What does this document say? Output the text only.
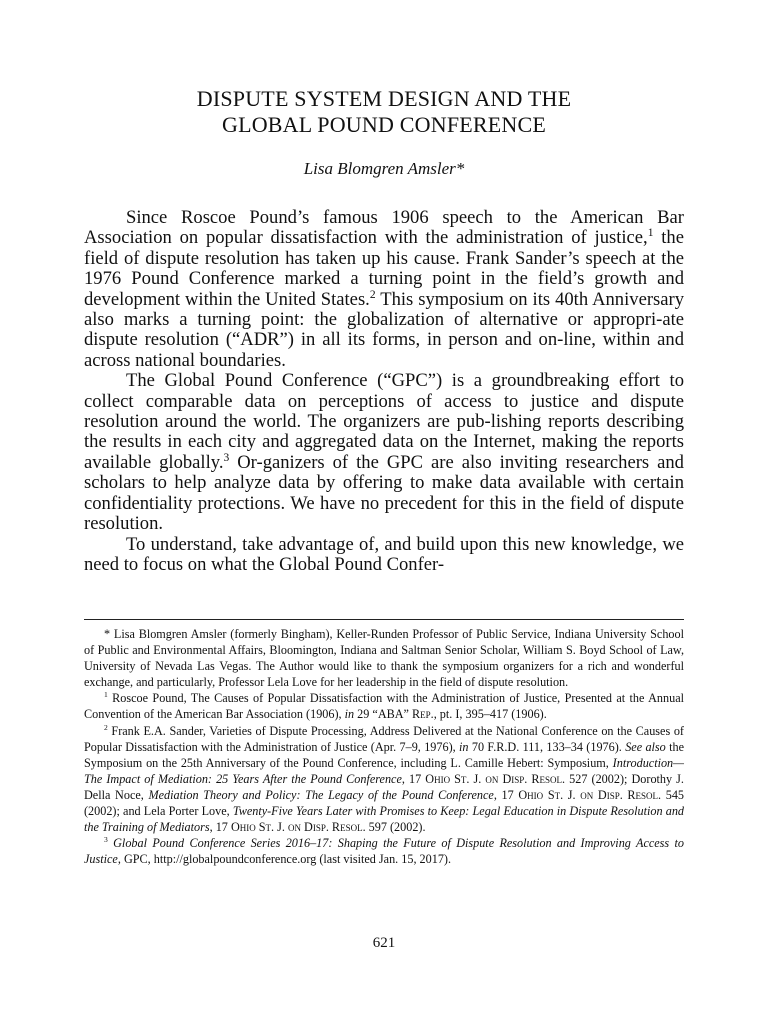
DISPUTE SYSTEM DESIGN AND THE
GLOBAL POUND CONFERENCE
Lisa Blomgren Amsler*

Since Roscoe Pound’s famous 1906 speech to the American Bar Association on popular dissatisfaction with the administration of justice,$^1$ the field of dispute resolution has taken up his cause. Frank Sander’s speech at the 1976 Pound Conference marked a turning point in the field’s growth and development within the United States.$^2$ This symposium on its 40th Anniversary also marks a turning point: the globalization of alternative or appropri-ate dispute resolution (“ADR”) in all its forms, in person and on-line, within and across national boundaries.

The Global Pound Conference (“GPC”) is a groundbreaking effort to collect comparable data on perceptions of access to justice and dispute resolution around the world. The organizers are pub-lishing reports describing the results in each city and aggregated data on the Internet, making the reports available globally.$^3$ Or-ganizers of the GPC are also inviting researchers and scholars to help analyze data by offering to make data available with certain confidentiality protections. We have no precedent for this in the field of dispute resolution.

To understand, take advantage of, and build upon this new knowledge, we need to focus on what the Global Pound Confer-

* Lisa Blomgren Amsler (formerly Bingham), Keller-Runden Professor of Public Service, Indiana University School of Public and Environmental Affairs, Bloomington, Indiana and Saltman Senior Scholar, William S. Boyd School of Law, University of Nevada Las Vegas. The Author would like to thank the symposium organizers for a rich and wonderful exchange, and particularly, Professor Lela Love for her leadership in the field of dispute resolution.

$^1$ Roscoe Pound, The Causes of Popular Dissatisfaction with the Administration of Justice, Presented at the Annual Convention of the American Bar Association (1906), in 29 “ABA” Rep., pt. I, 395–417 (1906).

$^2$ Frank E.A. Sander, Varieties of Dispute Processing, Address Delivered at the National Conference on the Causes of Popular Dissatisfaction with the Administration of Justice (Apr. 7–9, 1976), in 70 F.R.D. 111, 133–34 (1976). See also the Symposium on the 25th Anniversary of the Pound Conference, including L. Camille Hebert: Symposium, Introduction—The Impact of Mediation: 25 Years After the Pound Conference, 17 Ohio St. J. on Disp. Resol. 527 (2002); Dorothy J. Della Noce, Mediation Theory and Policy: The Legacy of the Pound Conference, 17 Ohio St. J. on Disp. Resol. 545 (2002); and Lela Porter Love, Twenty-Five Years Later with Promises to Keep: Legal Education in Dispute Resolution and the Training of Mediators, 17 Ohio St. J. on Disp. Resol. 597 (2002).

$^3$ Global Pound Conference Series 2016–17: Shaping the Future of Dispute Resolution and Improving Access to Justice, GPC, http://globalpoundconference.org (last visited Jan. 15, 2017).

621
